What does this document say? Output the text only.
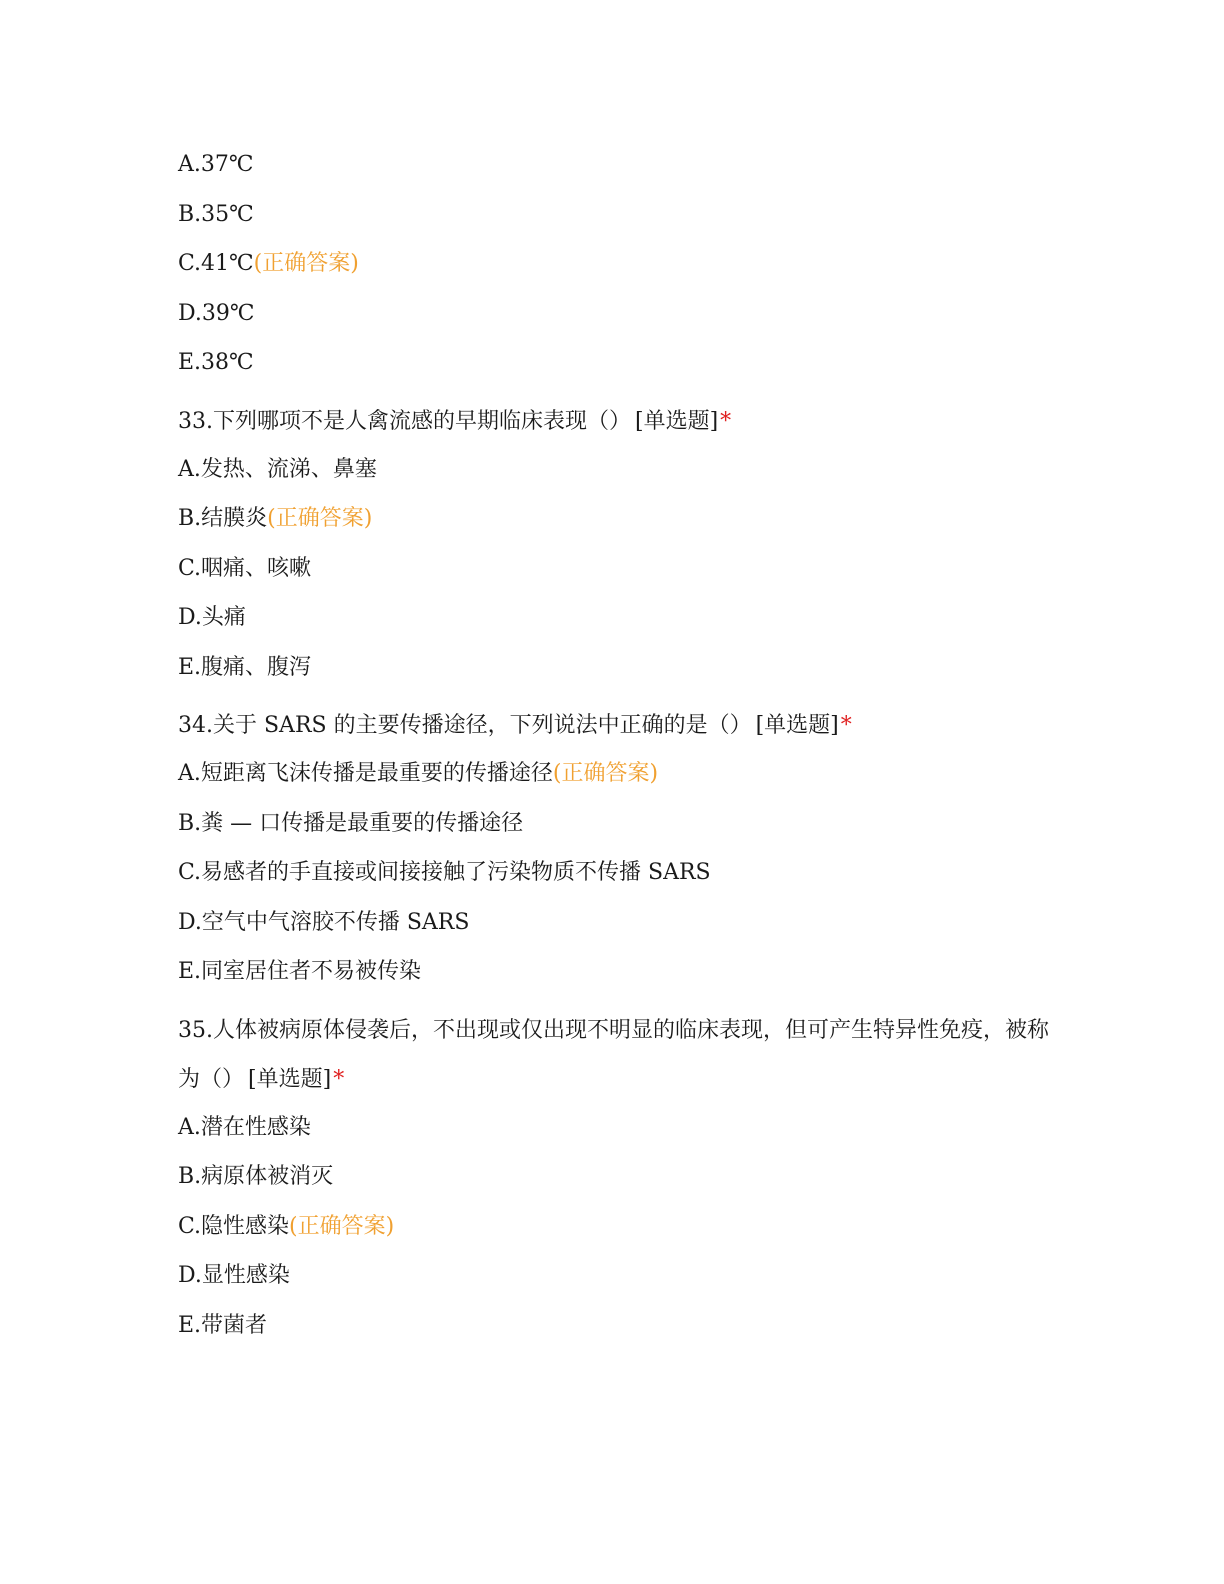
A.37℃
B.35℃
C.41℃(正确答案)
D.39℃
E.38℃
33.下列哪项不是人禽流感的早期临床表现（） [单选题]*
A.发热、流涕、鼻塞
B.结膜炎(正确答案)
C.咽痛、咳嗽
D.头痛
E.腹痛、腹泻
34.关于 SARS 的主要传播途径，下列说法中正确的是（） [单选题]*
A.短距离飞沫传播是最重要的传播途径(正确答案)
B.粪 — 口传播是最重要的传播途径
C.易感者的手直接或间接接触了污染物质不传播 SARS
D.空气中气溶胶不传播 SARS
E.同室居住者不易被传染
35.人体被病原体侵袭后，不出现或仅出现不明显的临床表现，但可产生特异性免疫，被称为（） [单选题]*
A.潜在性感染
B.病原体被消灭
C.隐性感染(正确答案)
D.显性感染
E.带菌者
